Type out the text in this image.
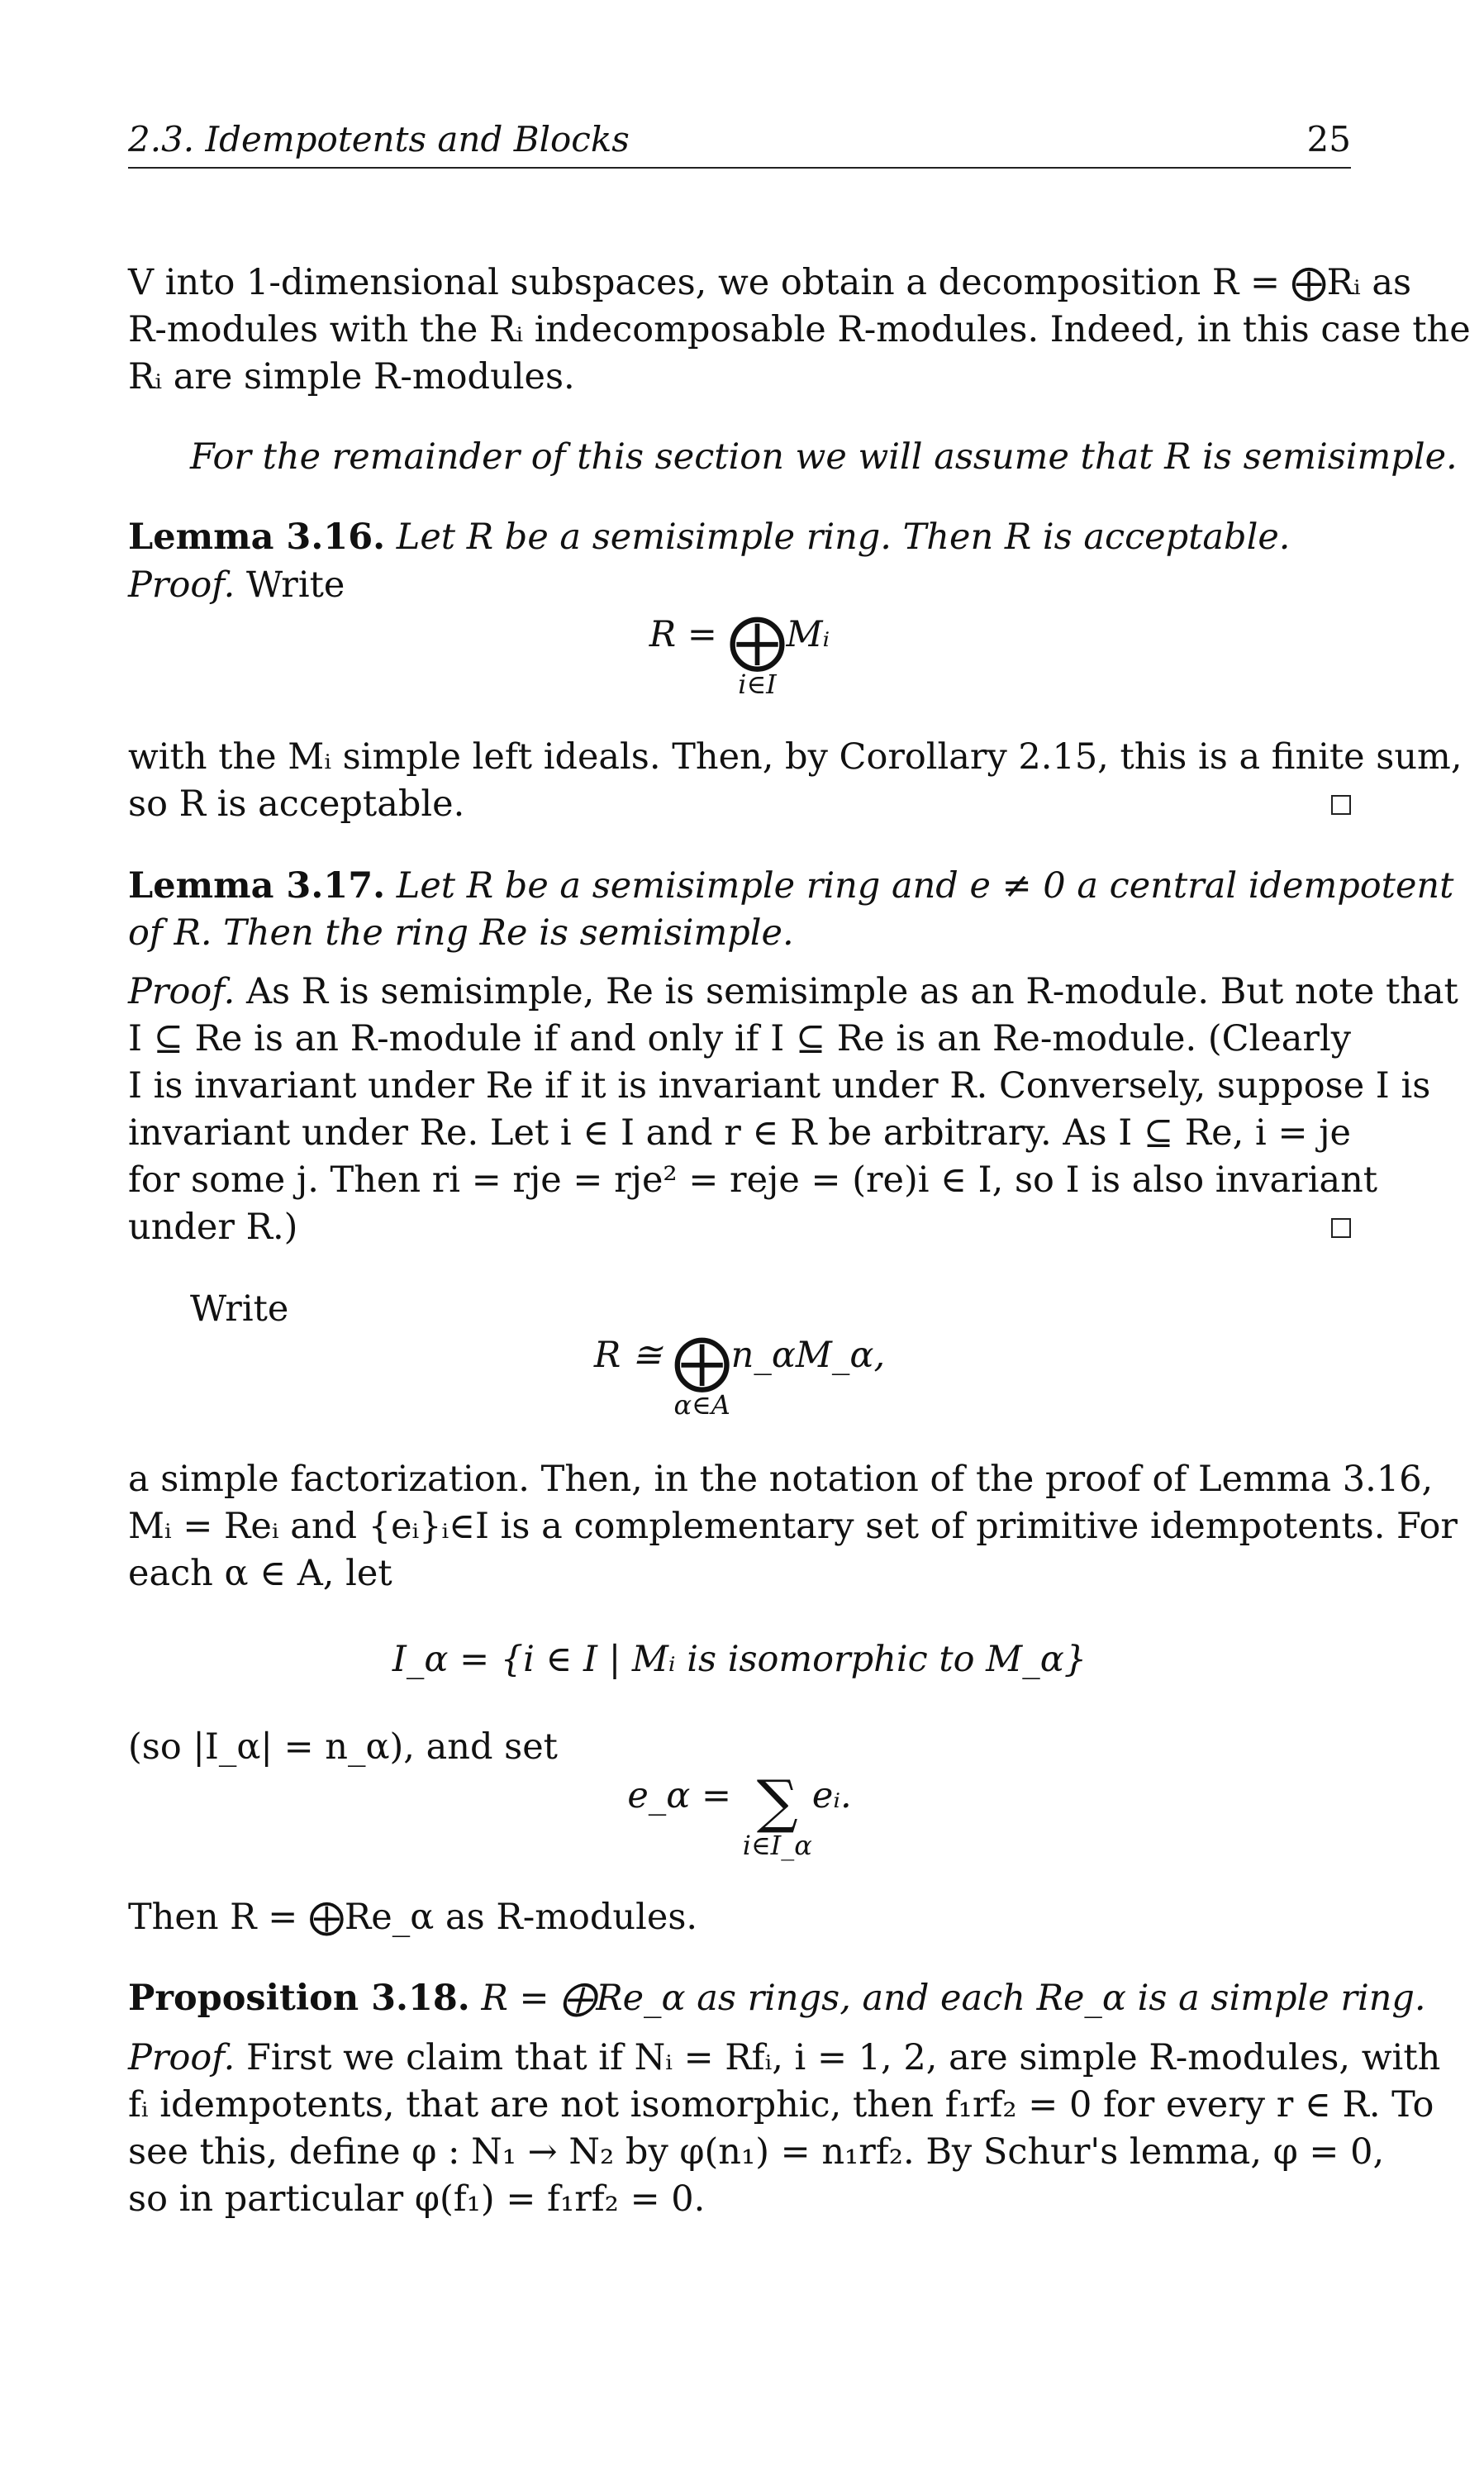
2.3. Idempotents and Blocks	25
V into 1-dimensional subspaces, we obtain a decomposition R = ⨁Rᵢ as
R-modules with the Rᵢ indecomposable R-modules. Indeed, in this case the
Rᵢ are simple R-modules.
For the remainder of this section we will assume that R is semisimple.
Lemma 3.16. Let R be a semisimple ring. Then R is acceptable.
Proof. Write
R = ⨁
i∈I
Mᵢ
with the Mᵢ simple left ideals. Then, by Corollary 2.15, this is a finite sum,
so R is acceptable.
Lemma 3.17. Let R be a semisimple ring and e ≠ 0 a central idempotent
of R. Then the ring Re is semisimple.
Proof. As R is semisimple, Re is semisimple as an R-module. But note that
I ⊆ Re is an R-module if and only if I ⊆ Re is an Re-module. (Clearly
I is invariant under Re if it is invariant under R. Conversely, suppose I is
invariant under Re. Let i ∈ I and r ∈ R be arbitrary. As I ⊆ Re, i = je
for some j. Then ri = rje = rje² = reje = (re)i ∈ I, so I is also invariant
under R.)
Write
R ≅ ⨁
α∈A
n_αM_α,
a simple factorization. Then, in the notation of the proof of Lemma 3.16,
Mᵢ = Reᵢ and {eᵢ}ᵢ∈I is a complementary set of primitive idempotents. For
each α ∈ A, let
I_α = {i ∈ I | Mᵢ is isomorphic to M_α}
(so |I_α| = n_α), and set
e_α = ∑
i∈I_α
eᵢ.
Then R = ⨁Re_α as R-modules.
Proposition 3.18. R = ⨁Re_α as rings, and each Re_α is a simple ring.
Proof. First we claim that if Nᵢ = Rfᵢ, i = 1, 2, are simple R-modules, with
fᵢ idempotents, that are not isomorphic, then f₁rf₂ = 0 for every r ∈ R. To
see this, define φ : N₁ → N₂ by φ(n₁) = n₁rf₂. By Schur's lemma, φ = 0,
so in particular φ(f₁) = f₁rf₂ = 0.
